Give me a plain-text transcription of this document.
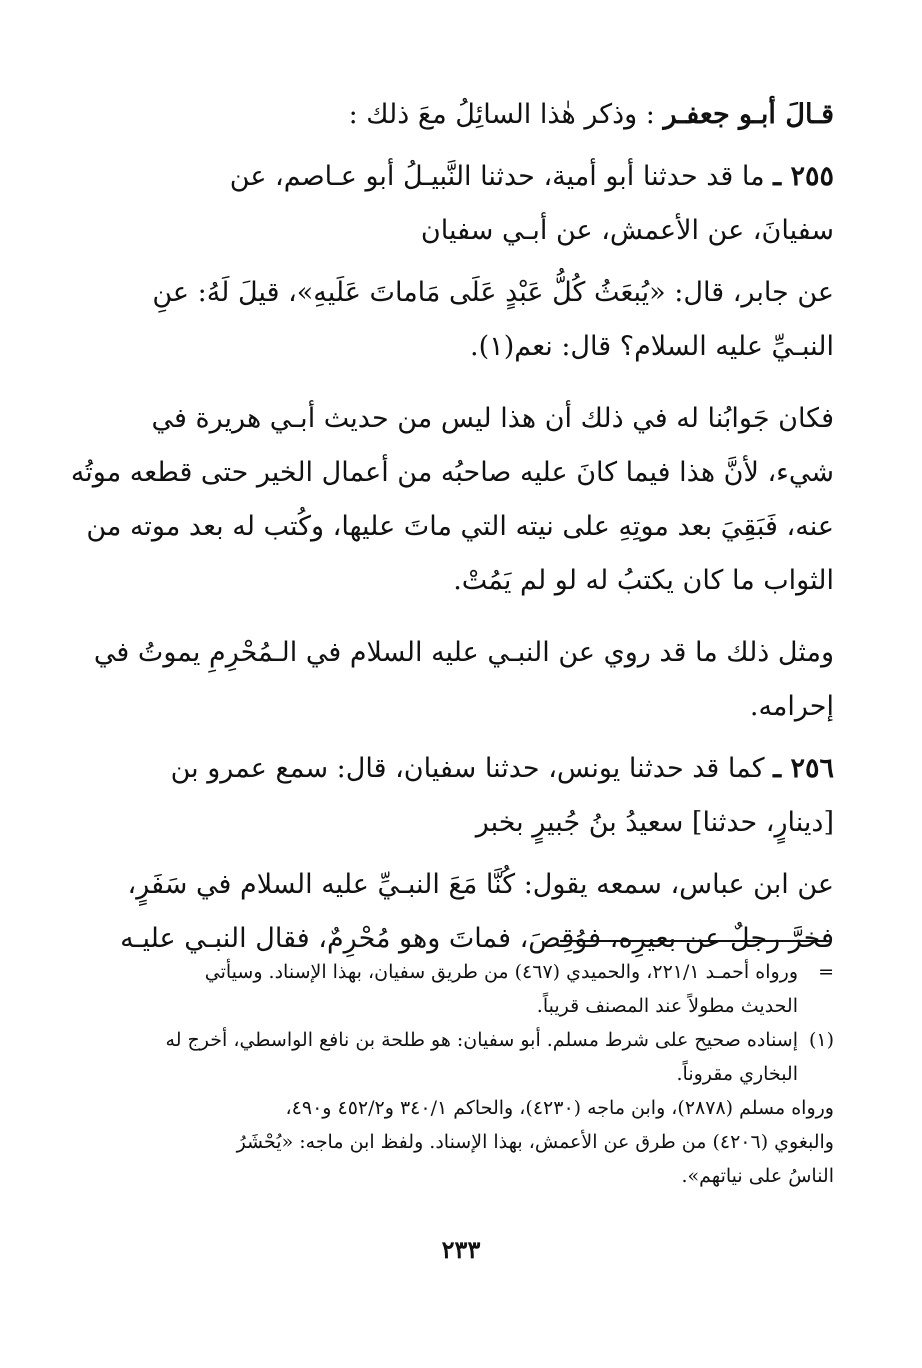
قـالَ أبـو جعفـر : وذكر هٰذا السائِلُ معَ ذلك :
٢٥٥ ـ ما قد حدثنا أبو أمية، حدثنا النَّبيـلُ أبو عـاصم، عن
سفيانَ، عن الأعمش، عن أبـي سفيان
عن جابر، قال: «يُبعَثُ كُلُّ عَبْدٍ عَلَى مَاماتَ عَلَيهِ»، قيلَ لَهُ: عنِ
النبـيِّ عليه السلام؟ قال: نعم(١).
فكان جَوابُنا له في ذلك أن هذا ليس من حديث أبـي هريرة في
شيء، لأنَّ هذا فيما كانَ عليه صاحبُه من أعمال الخير حتى قطعه موتُه
عنه، فَبَقِيَ بعد موتِهِ على نيته التي ماتَ عليها، وكُتب له بعد موته من
الثواب ما كان يكتبُ له لو لم يَمُتْ.
ومثل ذلك ما قد روي عن النبـي عليه السلام في الـمُحْرِمِ يموتُ في
إحرامه.
٢٥٦ ـ كما قد حدثنا يونس، حدثنا سفيان، قال: سمع عمرو بن
[دينارٍ، حدثنا] سعيدُ بنُ جُبيرٍ بخبر
عن ابن عباس، سمعه يقول: كُنَّا مَعَ النبـيِّ عليه السلام في سَفَرٍ،
فخرَّ رجلٌ عن بعيرِه، فوُقِصَ، فماتَ وهو مُحْرِمٌ، فقال النبـي عليـه
=
ورواه أحمـد ٢٢١/١، والحميدي (٤٦٧) من طريق سفيان، بهذا الإسناد. وسيأتي
الحديث مطولاً عند المصنف قريباً.
(١)
إسناده صحيح على شرط مسلم. أبو سفيان: هو طلحة بن نافع الواسطي، أخرج له
البخاري مقروناً.
ورواه مسلم (٢٨٧٨)، وابن ماجه (٤٢٣٠)، والحاكم ٣٤٠/١ و٤٥٢/٢ و٤٩٠،
والبغوي (٤٢٠٦) من طرق عن الأعمش، بهذا الإسناد. ولفظ ابن ماجه: «يُحْشَرُ
الناسُ على نياتهم».
٢٣٣
